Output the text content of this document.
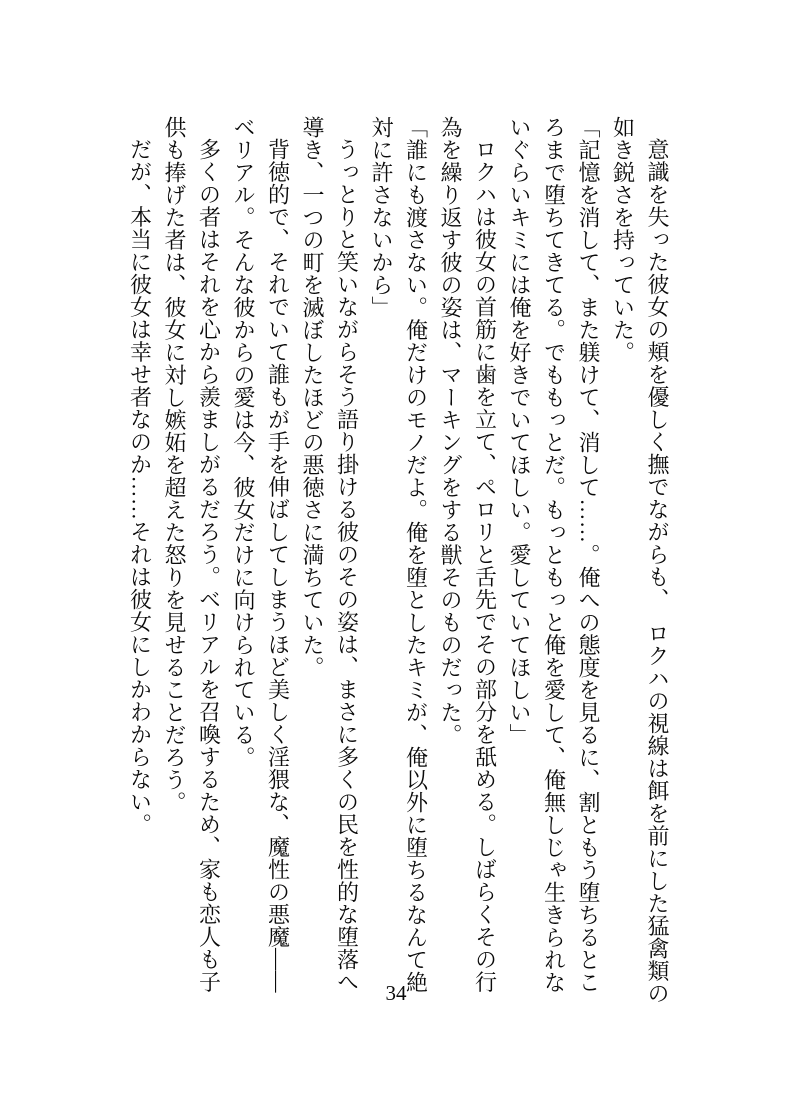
意識を失った彼女の頬を優しく撫でながらも、　ロクハの視線は餌を前にした猛禽類の
如き鋭さを持っていた。
「記憶を消して、また躾けて、消して……。俺への態度を見るに、割ともう堕ちるとこ
ろまで堕ちてきてる。でももっとだ。もっともっと俺を愛して、俺無しじゃ生きられな
いぐらいキミには俺を好きでいてほしい。愛していてほしい」
ロクハは彼女の首筋に歯を立て、ペロリと舌先でその部分を舐める。しばらくその行
為を繰り返す彼の姿は、マーキングをする獣そのものだった。
「誰にも渡さない。俺だけのモノだよ。俺を堕としたキミが、俺以外に堕ちるなんて絶
対に許さないから」
うっとりと笑いながらそう語り掛ける彼のその姿は、まさに多くの民を性的な堕落へ
導き、一つの町を滅ぼしたほどの悪徳さに満ちていた。
背徳的で、それでいて誰もが手を伸ばしてしまうほど美しく淫猥な、魔性の悪魔――
ベリアル。そんな彼からの愛は今、彼女だけに向けられている。
多くの者はそれを心から羨ましがるだろう。ベリアルを召喚するため、家も恋人も子
供も捧げた者は、彼女に対し嫉妬を超えた怒りを見せることだろう。
だが、本当に彼女は幸せ者なのか……それは彼女にしかわからない。
34
